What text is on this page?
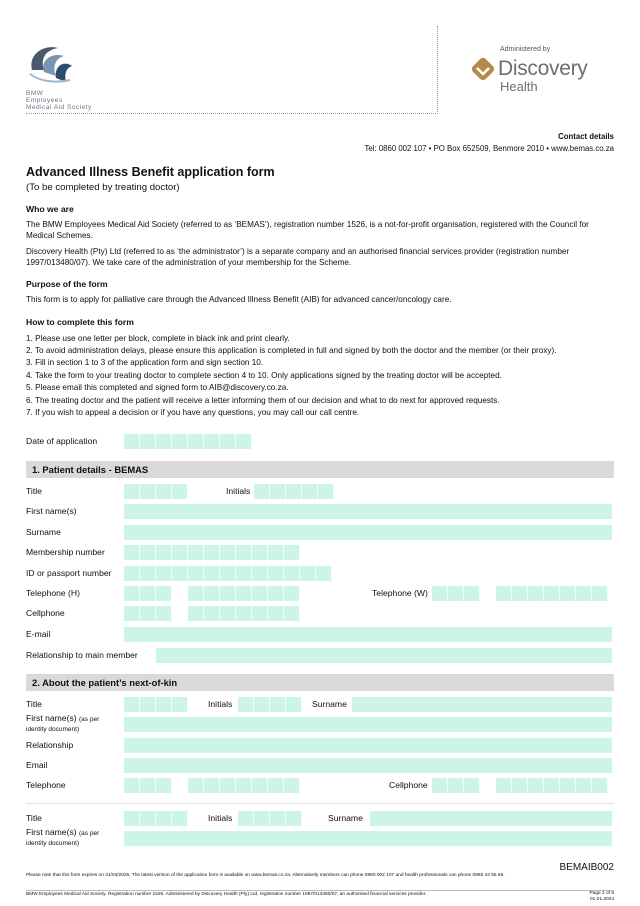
BMW
Employees
Medical Aid Society
Administered by
Discovery
Health
Contact details
Tel: 0860 002 107 • PO Box 652509, Benmore 2010 • www.bemas.co.za
Advanced Illness Benefit application form
(To be completed by treating doctor)
Who we are

The BMW Employees Medical Aid Society (referred to as ‘BEMAS’), registration number 1526, is a not-for-profit organisation, registered with the Council for Medical Schemes.

Discovery Health (Pty) Ltd (referred to as ‘the administrator’) is a separate company and an authorised financial services provider (registration number 1997/013480/07). We take care of the administration of your membership for the Scheme.

Purpose of the form

This form is to apply for palliative care through the Advanced Illness Benefit (AIB) for advanced cancer/oncology care.

How to complete this form
1. Please use one letter per block, complete in black ink and print clearly.
2. To avoid administration delays, please ensure this application is completed in full and signed by both the doctor and the member (or their proxy).
3. Fill in section 1 to 3 of the application form and sign section 10.
4. Take the form to your treating doctor to complete section 4 to 10. Only applications signed by the treating doctor will be accepted.
5. Please email this completed and signed form to AIB@discovery.co.za.
6. The treating doctor and the patient will receive a letter informing them of our decision and what to do next for approved requests.
7. If you wish to appeal a decision or if you have any questions, you may call our call centre.
Date of application
1. Patient details - BEMAS
Title	Initials
First name(s)
Surname
Membership number
ID or passport number
Telephone (H)	Telephone (W)
Cellphone
E-mail
Relationship to main member
2. About the patient’s next-of-kin
Title	Initials	Surname
First name(s) (as per
identity document)
Relationship
Email
Telephone	Cellphone
Title	Initials	Surname
First name(s) (as per
identity document)
BEMAIB002
Please note that this form expires on 31/03/2025. The latest version of the application form is available on www.bemas.co.za. Alternatively members can phone 0860 002 107 and health professionals can phone 0860 44 55 66.
BMW Employees Medical Aid Society. Registration number 1526. Administered by Discovery Health (Pty) Ltd, registration number 1997/013480/07, an authorised financial services provider.	Page 1 of 5
01.01.2024
